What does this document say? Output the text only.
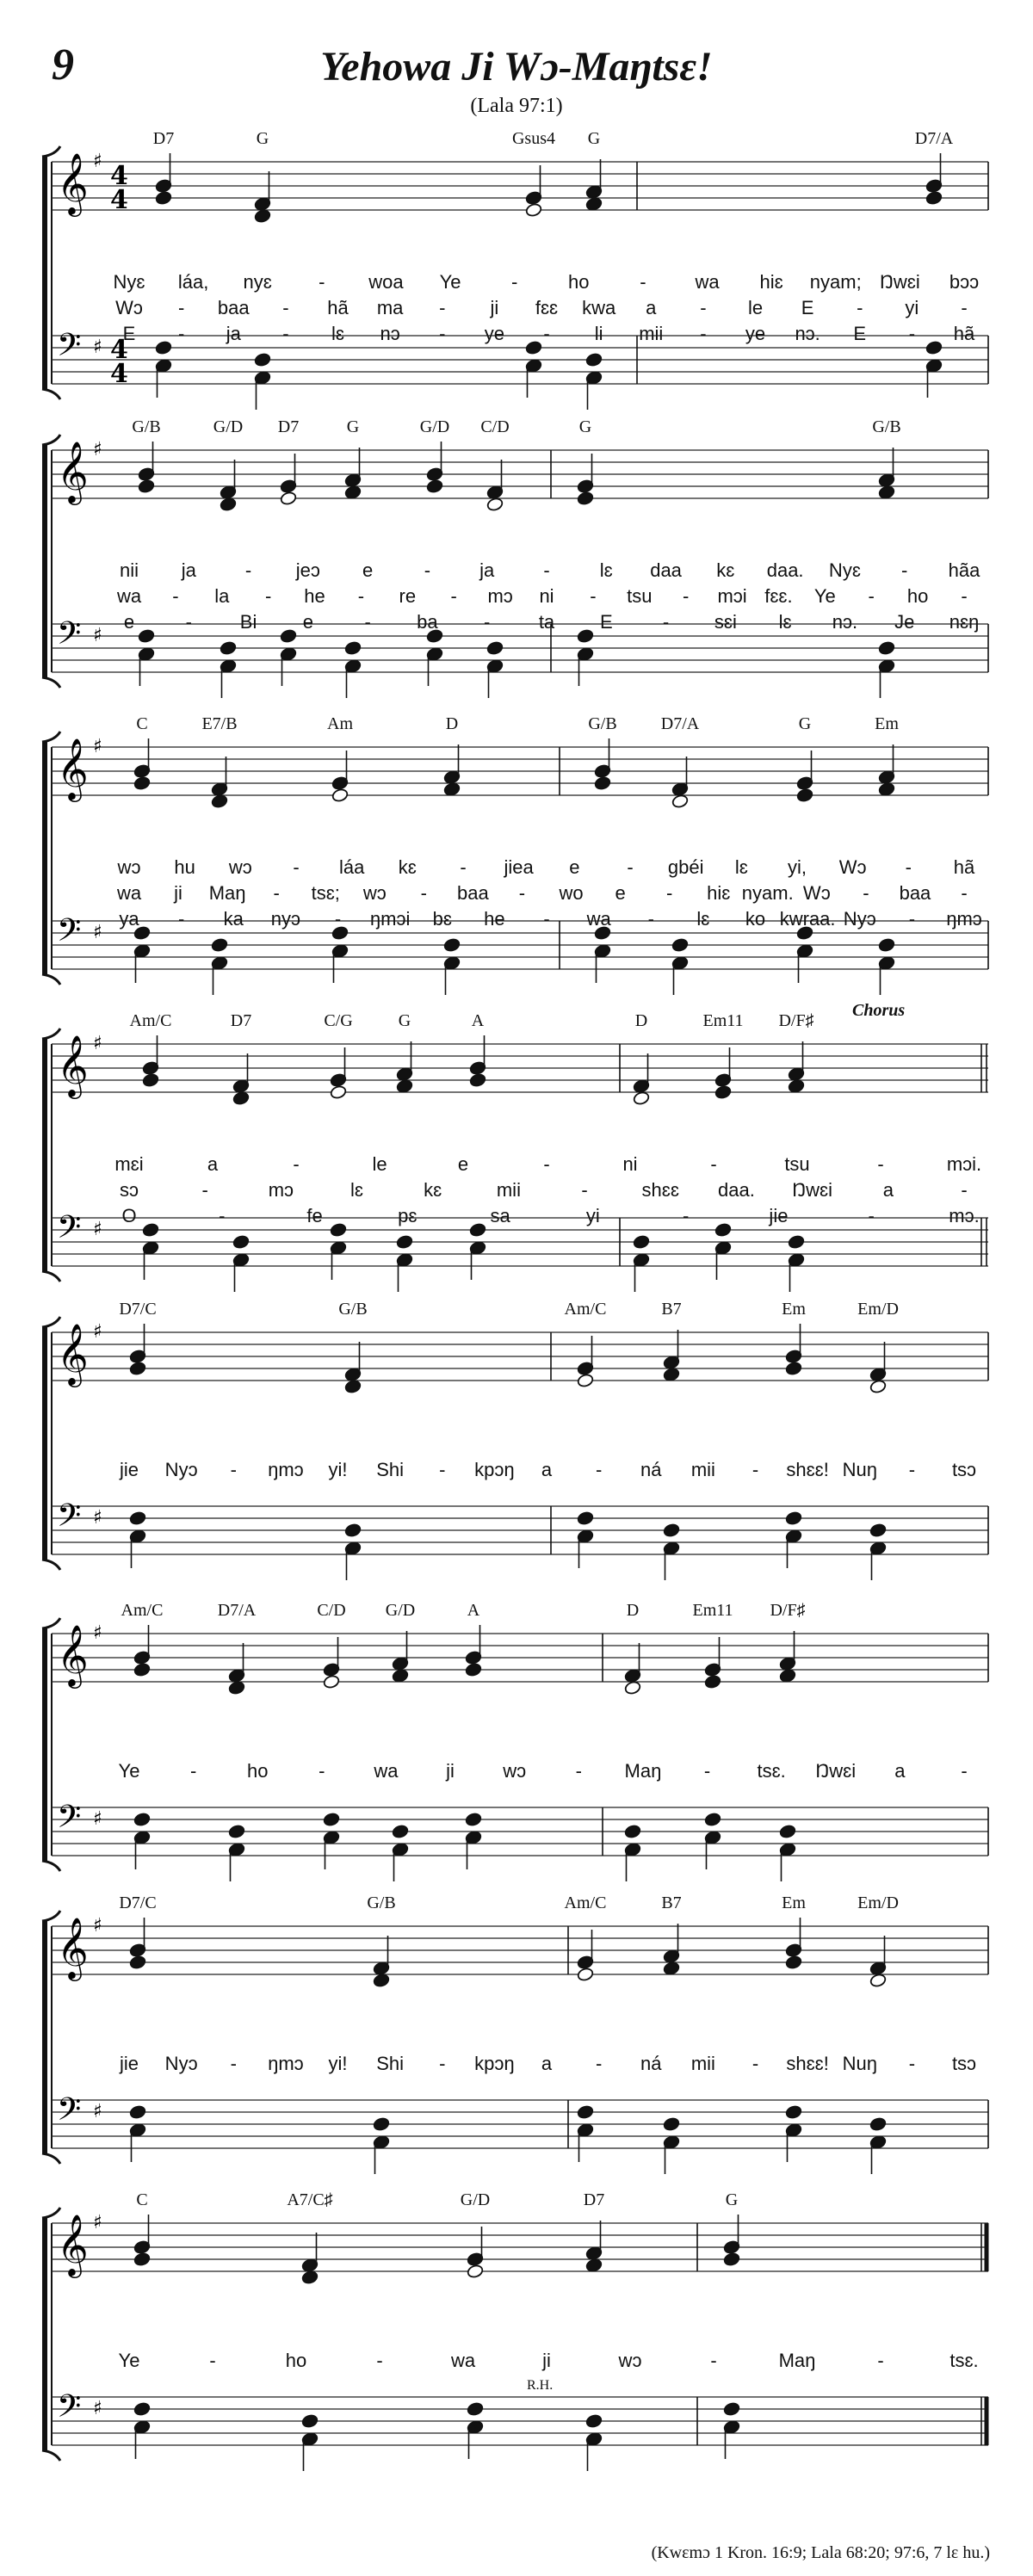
9	Yehowa Ji Wɔ-Maŋtsɛ!
(Lala 97:1)
𝄞 ♯ 4
4
𝄢 ♯ 4
4
D7	G	Gsus4 G	D7/A
Nyɛ láa, nyɛ - woa Ye	-	ho	-	wa hiɛ nyam; Ŋwɛi bɔɔ
Wɔ - baa - hã ma - ji fɛɛ kwa a - le E - yi -
E - ja - lɛ nɔ - ye - li mii - ye nɔ. E - hã
𝄞 ♯
𝄢 ♯
G/B	G/D D7	G	G/D C/D	G	G/B
nii ja	- jeɔ e	-	ja	-	lɛ daa kɛ daa. Nyɛ - hãa
wa - la - he - re - mɔ ni - tsu - mɔi fɛɛ. Ye - ho -
e	-	Bi e	- ba -	ta E	- sɛi lɛ nɔ. Je nɛŋ
𝄞 ♯
𝄢 ♯
C	E7/B	Am	D	G/B	D7/A	G	Em
wɔ hu wɔ - láa kɛ - jiea e - gbéi lɛ yi, Wɔ - hã
wa ji Maŋ - tsɛ; wɔ - baa - wo e - hiɛ nyam. Wɔ - baa -
ya - ka nyɔ - ŋmɔi bɛ he - wa - lɛ ko kwraa. Nyɔ - ŋmɔ
𝄞 ♯
𝄢 ♯
Am/C	D7	C/G	G	A	D	Em11 D/F♯
mɛi	a	-	le	e	-	ni	-	tsu	-	mɔi.
sɔ	-	mɔ	lɛ	kɛ	mii	-	shɛɛ daa. Ŋwɛi	a	-
O	-	fe	pɛ	sa	yi	-	jie	-	mɔ.
Chorus
𝄞 ♯
𝄢 ♯
D7/C	G/B	Am/C	B7	Em	Em/D
jie Nyɔ - ŋmɔ yi! Shi - kpɔŋ a - ná mii - shɛɛ! Nuŋ - tsɔ
𝄞 ♯
𝄢 ♯
Am/C	D7/A	C/D G/D	A	D	Em11 D/F♯
Ye	-	ho	-	wa	ji	wɔ	- Maŋ - tsɛ. Ŋwɛi a	-
𝄞 ♯
𝄢 ♯
D7/C	G/B	Am/C	B7	Em	Em/D
jie Nyɔ - ŋmɔ yi! Shi - kpɔŋ a - ná mii - shɛɛ! Nuŋ - tsɔ
𝄞 ♯
𝄢 ♯
C	A7/C♯	G/D	D7	G
Ye	-	ho	-	wa	ji	wɔ	-	Maŋ	-	tsɛ.
R.H.
(Kwɛmɔ 1 Kron. 16:9; Lala 68:20; 97:6, 7 lɛ hu.)
